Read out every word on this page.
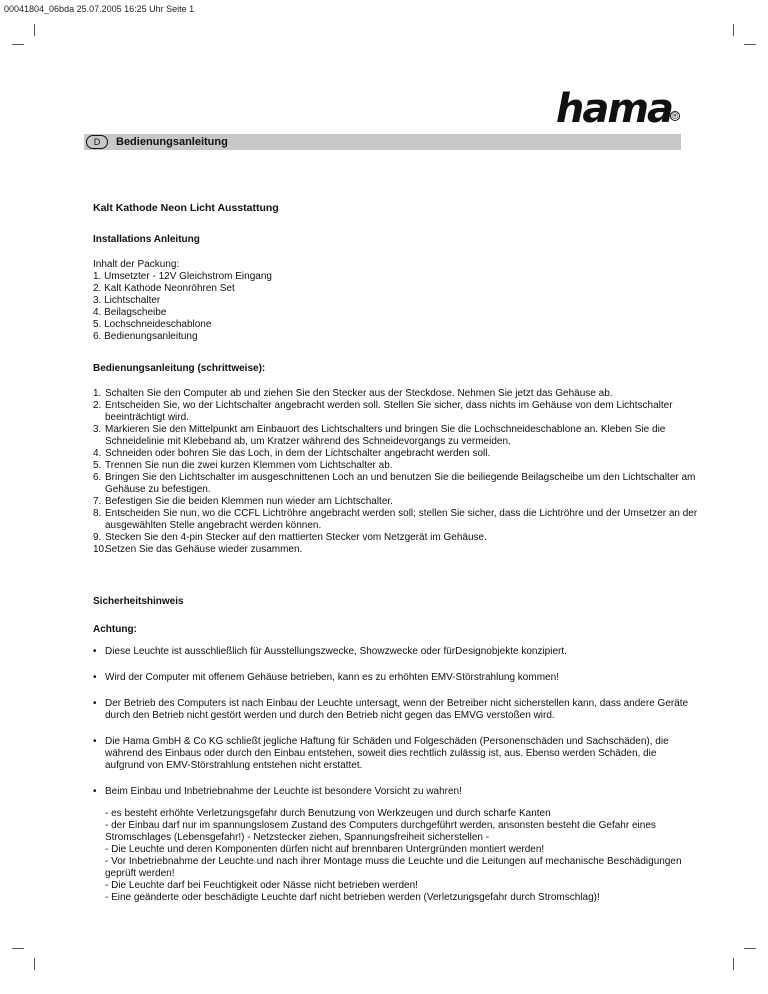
00041804_06bda 25.07.2005 16:25 Uhr Seite 1
hama ®
D	Bedienungsanleitung
Kalt Kathode Neon Licht Ausstattung
Installations Anleitung

Inhalt der Packung:

1. Umsetzter - 12V Gleichstrom Eingang
2. Kalt Kathode Neonröhren Set
3. Lichtschalter
4. Beilagscheibe
5. Lochschneideschablone
6. Bedienungsanleitung
Bedienungsanleitung (schrittweise):
1. Schalten Sie den Computer ab und ziehen Sie den Stecker aus der Steckdose. Nehmen Sie jetzt das Gehäuse ab.
2. Entscheiden Sie, wo der Lichtschalter angebracht werden soll. Stellen Sie sicher, dass nichts im Gehäuse von dem Lichtschalter beeinträchtigt wird.
3. Markieren Sie den Mittelpunkt am Einbauort des Lichtschalters und bringen Sie die Lochschneideschablone an. Kleben Sie die Schneidelinie mit Klebeband ab, um Kratzer während des Schneidevorgangs zu vermeiden.
4. Schneiden oder bohren Sie das Loch, in dem der Lichtschalter angebracht werden soll.
5. Trennen Sie nun die zwei kurzen Klemmen vom Lichtschalter ab.
6. Bringen Sie den Lichtschalter im ausgeschnittenen Loch an und benutzen Sie die beiliegende Beilagscheibe um den Lichtschalter am Gehäuse zu befestigen.
7. Befestigen Sie die beiden Klemmen nun wieder am Lichtschalter.
8. Entscheiden Sie nun, wo die CCFL Lichtröhre angebracht werden soll; stellen Sie sicher, dass die Lichtröhre und der Umsetzer an der ausgewählten Stelle angebracht werden können.
9. Stecken Sie den 4-pin Stecker auf den mattierten Stecker vom Netzgerät im Gehäuse.
10.
Setzen Sie das Gehäuse wieder zusammen.
Sicherheitshinweis
Achtung:
• Diese Leuchte ist ausschließlich für Ausstellungszwecke, Showzwecke oder fürDesignobjekte konzipiert.
• Wird der Computer mit offenem Gehäuse betrieben, kann es zu erhöhten EMV-Störstrahlung kommen!
• Der Betrieb des Computers ist nach Einbau der Leuchte untersagt, wenn der Betreiber nicht sicherstellen kann, dass andere Geräte durch den Betrieb nicht gestört werden und durch den Betrieb nicht gegen das EMVG verstoßen wird.
• Die Hama GmbH & Co KG schließt jegliche Haftung für Schäden und Folgeschäden (Personenschäden und Sachschäden), die während des Einbaus oder durch den Einbau entstehen, soweit dies rechtlich zulässig ist, aus. Ebenso werden Schäden, die aufgrund von EMV-Störstrahlung entstehen nicht erstattet.
• Beim Einbau und Inbetriebnahme der Leuchte ist besondere Vorsicht zu wahren!

- es besteht erhöhte Verletzungsgefahr durch Benutzung von Werkzeugen und durch scharfe Kanten

- der Einbau darf nur im spannungslosem Zustand des Computers durchgeführt werden, ansonsten besteht die Gefahr eines Stromschlages (Lebensgefahr!) - Netzstecker ziehen, Spannungsfreiheit sicherstellen -

- Die Leuchte und deren Komponenten dürfen nicht auf brennbaren Untergründen montiert werden!

- Vor Inbetriebnahme der Leuchte und nach ihrer Montage muss die Leuchte und die Leitungen auf mechanische Beschädigungen geprüft werden!

- Die Leuchte darf bei Feuchtigkeit oder Nässe nicht betrieben werden!

- Eine geänderte oder beschädigte Leuchte darf nicht betrieben werden (Verletzungsgefahr durch Stromschlag)!
